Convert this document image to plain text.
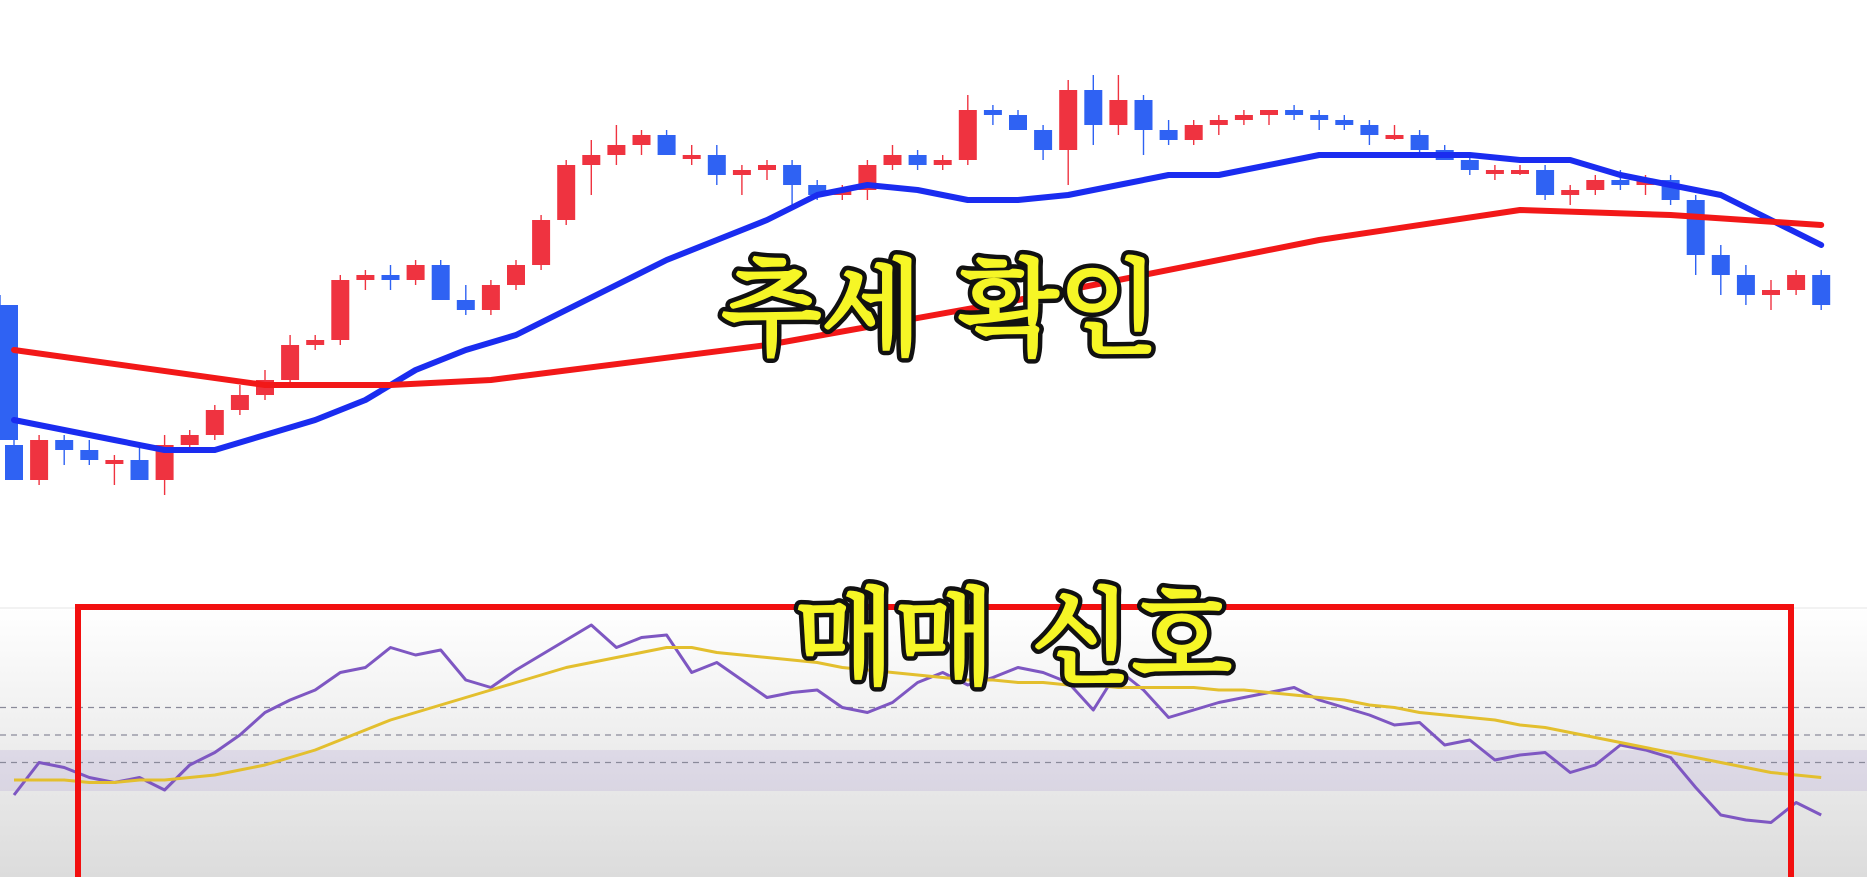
추세 확인
매매 신호
